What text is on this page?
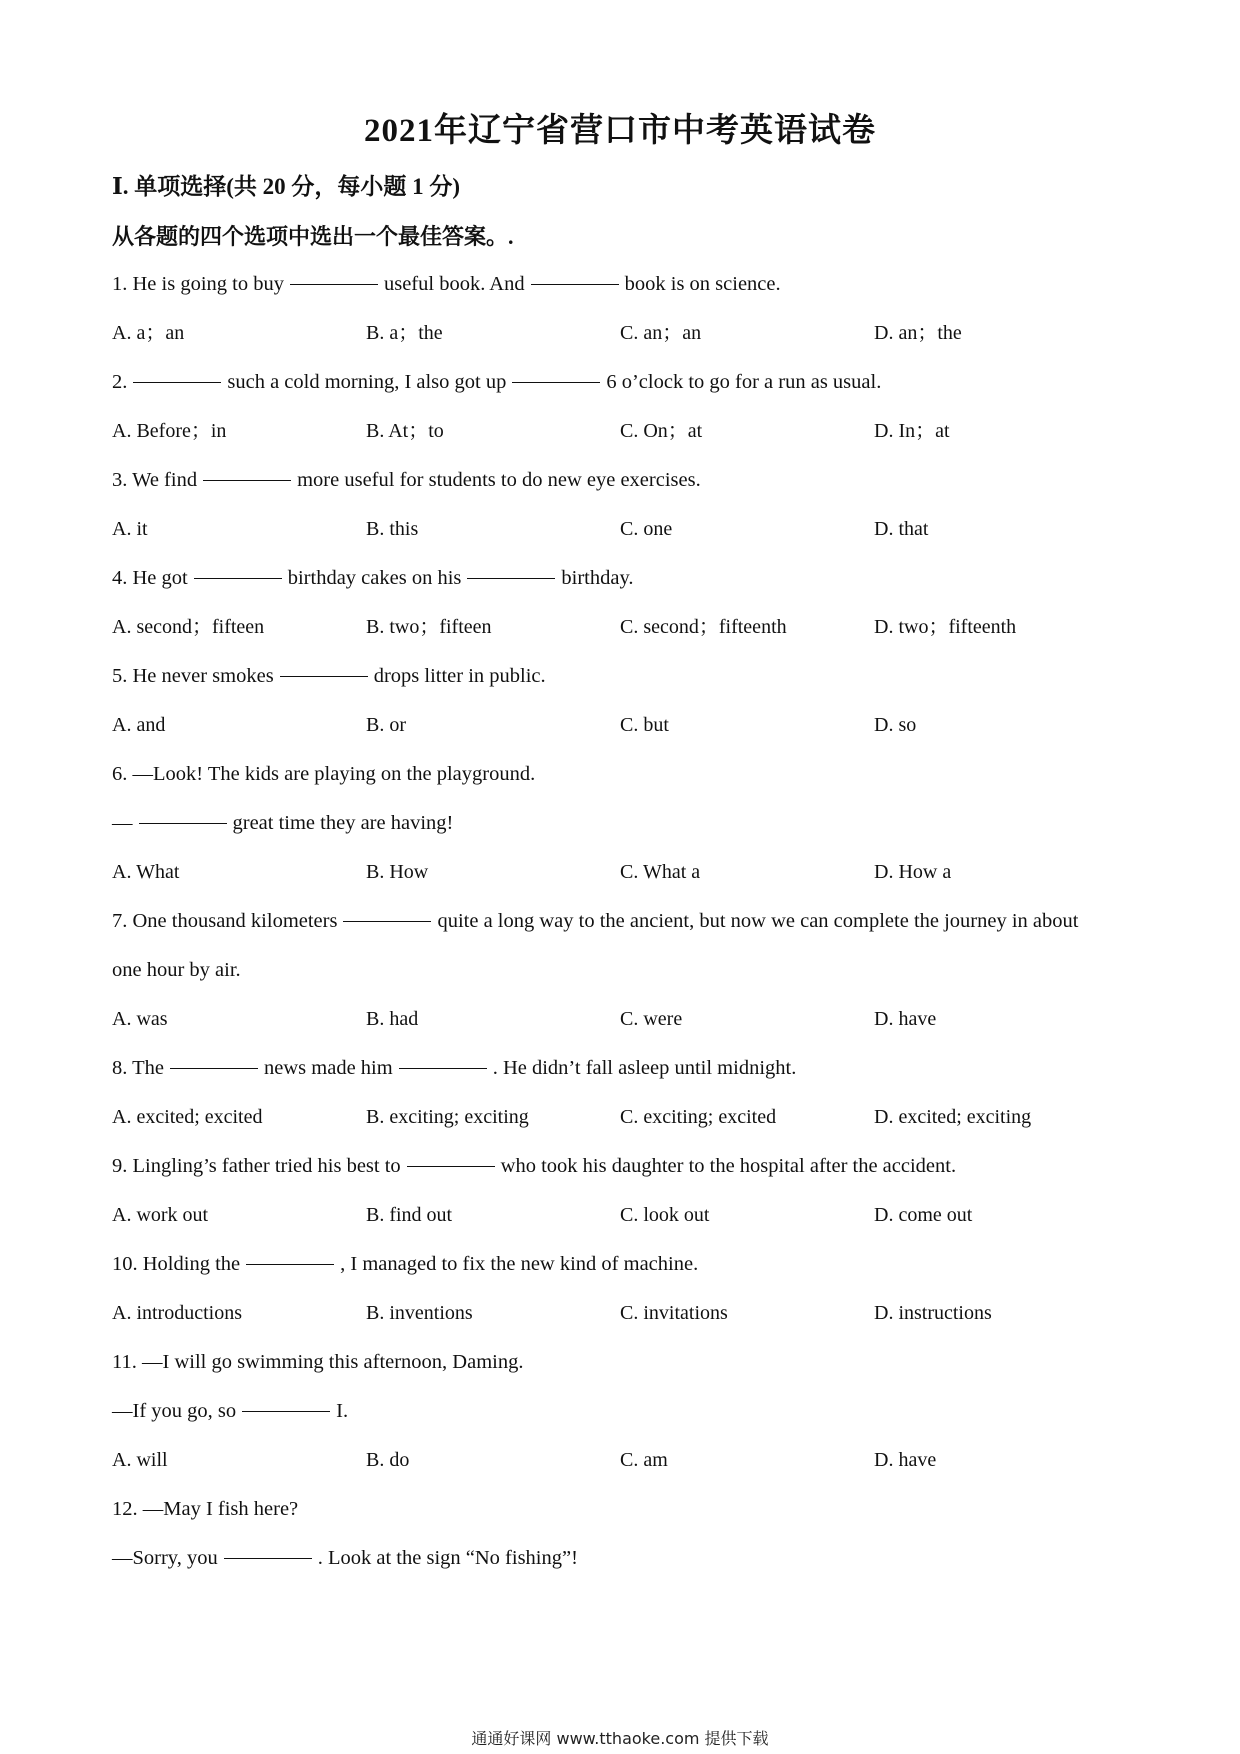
2021年辽宁省营口市中考英语试卷
Ⅰ. 单项选择(共 20 分，每小题 1 分)

从各题的四个选项中选出一个最佳答案。.

1. He is going to buy	useful book. And	book is on science.
A. a；an	B. a；the	C. an；an	D. an；the
2.	such a cold morning, I also got up	6 o’clock to go for a run as usual.
A. Before；in	B. At；to	C. On；at	D. In；at
3. We find	more useful for students to do new eye exercises.
A. it	B. this	C. one	D. that
4. He got	birthday cakes on his	birthday.
A. second；fifteen	B. two；fifteen	C. second；fifteenth	D. two；fifteenth
5. He never smokes	drops litter in public.
A. and	B. or	C. but	D. so
6. —Look! The kids are playing on the playground.
—	great time they are having!
A. What	B. How	C. What a	D. How a
7. One thousand kilometers	quite a long way to the ancient, but now we can complete the journey in about
one hour by air.
A. was	B. had	C. were	D. have
8. The	news made him	. He didn’t fall asleep until midnight.
A. excited; excited	B. exciting; exciting	C. exciting; excited	D. excited; exciting
9. Lingling’s father tried his best to	who took his daughter to the hospital after the accident.
A. work out	B. find out	C. look out	D. come out
10. Holding the	, I managed to fix the new kind of machine.
A. introductions	B. inventions	C. invitations	D. instructions
11. —I will go swimming this afternoon, Daming.
—If you go, so	I.
A. will	B. do	C. am	D. have
12. —May I fish here?
—Sorry, you	. Look at the sign “No fishing”!
通通好课网 www.tthaoke.com 提供下载
